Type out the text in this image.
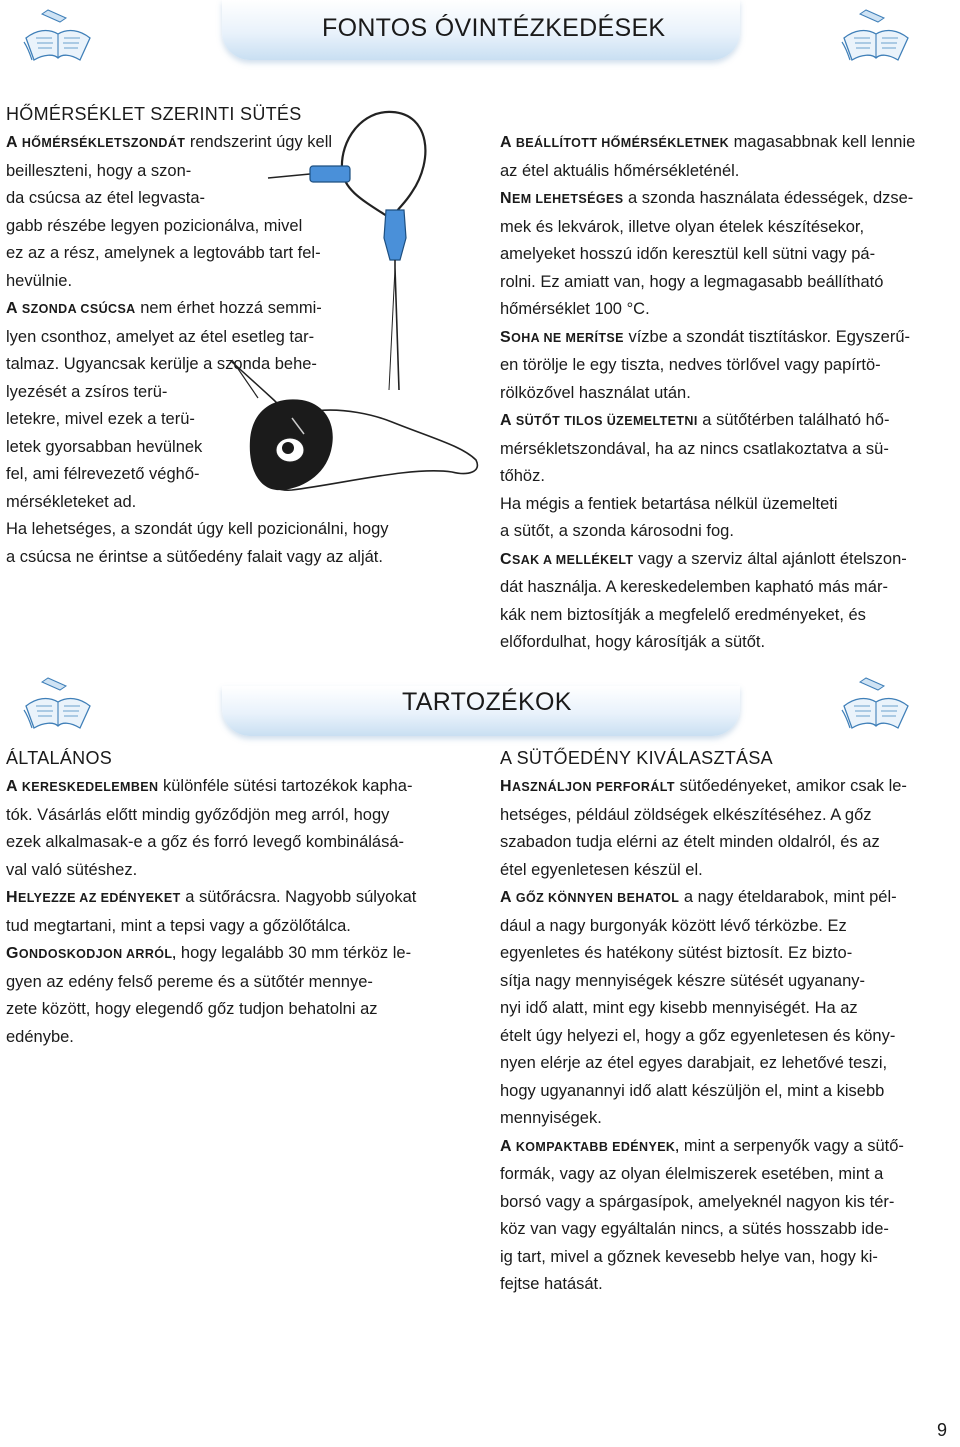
FONTOS ÓVINTÉZKEDÉSEK
HŐMÉRSÉKLET SZERINTI SÜTÉS
A HŐMÉRSÉKLETSZONDÁT rendszerint úgy kell
beilleszteni, hogy a szon-
da csúcsa az étel legvasta-
gabb részébe legyen pozicionálva, mivel
ez az a rész, amelynek a legtovább tart fel-
hevülnie.
A SZONDA CSÚCSA nem érhet hozzá semmi-
lyen csonthoz, amelyet az étel esetleg tar-
talmaz. Ugyancsak kerülje a szonda behe-
lyezését a zsíros terü-
letekre, mivel ezek a terü-
letek gyorsabban hevülnek
fel, ami félrevezető véghő-
mérsékleteket ad.
Ha lehetséges, a szondát úgy kell pozicionálni, hogy
a csúcsa ne érintse a sütőedény falait vagy az alját.
A BEÁLLÍTOTT HŐMÉRSÉKLETNEK magasabbnak kell lennie
az étel aktuális hőmérsékleténél.
NEM LEHETSÉGES a szonda használata édességek, dzse-
mek és lekvárok, illetve olyan ételek készítésekor,
amelyeket hosszú időn keresztül kell sütni vagy pá-
rolni. Ez amiatt van, hogy a legmagasabb beállítható
hőmérséklet 100 °C.
SOHA NE MERÍTSE vízbe a szondát tisztításkor. Egyszerű-
en törölje le egy tiszta, nedves törlővel vagy papírtö-
rölközővel használat után.
A SÜTŐT TILOS ÜZEMELTETNI a sütőtérben található hő-
mérsékletszondával, ha az nincs csatlakoztatva a sü-
tőhöz.
Ha mégis a fentiek betartása nélkül üzemelteti
a sütőt, a szonda károsodni fog.
CSAK A MELLÉKELT vagy a szerviz által ajánlott ételszon-
dát használja. A kereskedelemben kapható más már-
kák nem biztosítják a megfelelő eredményeket, és
előfordulhat, hogy károsítják a sütőt.
TARTOZÉKOK
ÁLTALÁNOS
A KERESKEDELEMBEN különféle sütési tartozékok kapha-
tók. Vásárlás előtt mindig győződjön meg arról, hogy
ezek alkalmasak-e a gőz és forró levegő kombinálásá-
val való sütéshez.
HELYEZZE AZ EDÉNYEKET a sütőrácsra. Nagyobb súlyokat
tud megtartani, mint a tepsi vagy a gőzölőtálca.
GONDOSKODJON ARRÓL, hogy legalább 30 mm térköz le-
gyen az edény felső pereme és a sütőtér mennye-
zete között, hogy elegendő gőz tudjon behatolni az
edénybe.
A SÜTŐEDÉNY KIVÁLASZTÁSA
HASZNÁLJON PERFORÁLT sütőedényeket, amikor csak le-
hetséges, például zöldségek elkészítéséhez. A gőz
szabadon tudja elérni az ételt minden oldalról, és az
étel egyenletesen készül el.
A GŐZ KÖNNYEN BEHATOL a nagy ételdarabok, mint pél-
dául a nagy burgonyák között lévő térközbe. Ez
egyenletes és hatékony sütést biztosít. Ez bizto-
sítja nagy mennyiségek készre sütését ugyanany-
nyi idő alatt, mint egy kisebb mennyiségét. Ha az
ételt úgy helyezi el, hogy a gőz egyenletesen és köny-
nyen elérje az étel egyes darabjait, ez lehetővé teszi,
hogy ugyanannyi idő alatt készüljön el, mint a kisebb
mennyiségek.
A KOMPAKTABB EDÉNYEK, mint a serpenyők vagy a sütő-
formák, vagy az olyan élelmiszerek esetében, mint a
borsó vagy a spárgasípok, amelyeknél nagyon kis tér-
köz van vagy egyáltalán nincs, a sütés hosszabb ide-
ig tart, mivel a gőznek kevesebb helye van, hogy ki-
fejtse hatását.
9
